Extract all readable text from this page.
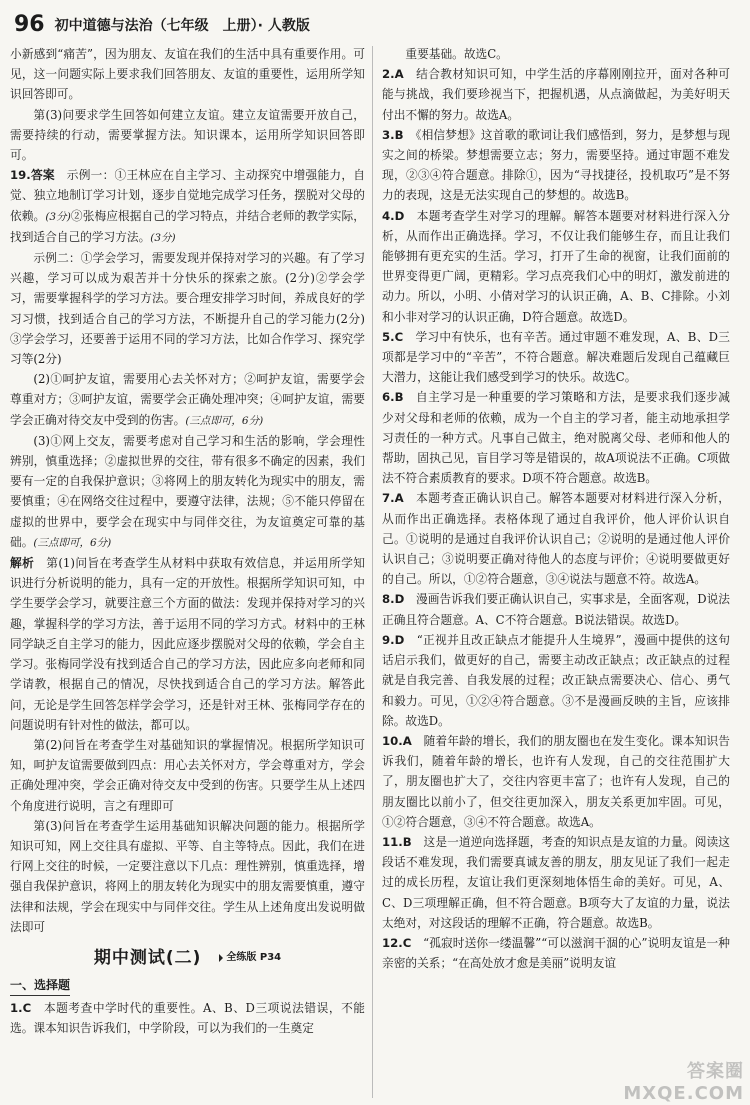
96 初中道德与法治（七年级　上册）· 人教版

小新感到“痛苦”，因为朋友、友谊在我们的生活中具有重要作用。可见，这一问题实际上要求我们回答朋友、友谊的重要性，运用所学知识回答即可。

第(3)问要求学生回答如何建立友谊。建立友谊需要开放自己，需要持续的行动，需要掌握方法。知识课本，运用所学知识回答即可。

19.答案　 示例一：①王林应在自主学习、主动探究中增强能力，自觉、独立地制订学习计划，逐步自觉地完成学习任务，摆脱对父母的依赖。(3分)②张梅应根据自己的学习特点，并结合老师的教学实际，找到适合自己的学习方法。(3分)

示例二：①学会学习，需要发现并保持对学习的兴趣。有了学习兴趣，学习可以成为艰苦并十分快乐的探索之旅。(2分)②学会学习，需要掌握科学的学习方法。要合理安排学习时间，养成良好的学习习惯，找到适合自己的学习方法，不断提升自己的学习能力(2分)③学会学习，还要善于运用不同的学习方法，比如合作学习、探究学习等(2分)

(2)①呵护友谊，需要用心去关怀对方；②呵护友谊，需要学会尊重对方；③呵护友谊，需要学会正确处理冲突；④呵护友谊，需要学会正确对待交友中受到的伤害。(三点即可，6分)

(3)①网上交友，需要考虑对自己学习和生活的影响，学会理性辨别，慎重选择；②虚拟世界的交往，带有很多不确定的因素，我们要有一定的自我保护意识；③将网上的朋友转化为现实中的朋友，需要慎重；④在网络交往过程中，要遵守法律，法规；⑤不能只停留在虚拟的世界中，要学会在现实中与同伴交往，为友谊奠定可靠的基础。(三点即可，6分)

解析　 第(1)问旨在考查学生从材料中获取有效信息，并运用所学知识进行分析说明的能力，具有一定的开放性。根据所学知识可知，中学生要学会学习，就要注意三个方面的做法：发现并保持对学习的兴趣，掌握科学的学习方法，善于运用不同的学习方式。材料中的王林同学缺乏自主学习的能力，因此应逐步摆脱对父母的依赖，学会自主学习。张梅同学没有找到适合自己的学习方法，因此应多向老师和同学请教，根据自己的情况，尽快找到适合自己的学习方法。解答此问，无论是学生回答怎样学会学习，还是针对王林、张梅同学存在的问题说明有针对性的做法，都可以。

第(2)问旨在考查学生对基础知识的掌握情况。根据所学知识可知，呵护友谊需要做到四点：用心去关怀对方，学会尊重对方，学会正确处理冲突，学会正确对待交友中受到的伤害。只要学生从上述四个角度进行说明，言之有理即可

第(3)问旨在考查学生运用基础知识解决问题的能力。根据所学知识可知，网上交往具有虚拟、平等、自主等特点。因此，我们在进行网上交往的时候，一定要注意以下几点：理性辨别，慎重选择，增强自我保护意识，将网上的朋友转化为现实中的朋友需要慎重，遵守法律和法规，学会在现实中与同伴交往。学生从上述角度出发说明做法即可

期中测试(二)	全练版 P34
一、选择题

1.C　 本题考查中学时代的重要性。A、B、D三项说法错误，不能选。课本知识告诉我们，中学阶段，可以为我们的一生奠定

重要基础。故选C。

2.A　 结合教材知识可知，中学生活的序幕刚刚拉开，面对各种可能与挑战，我们要珍视当下，把握机遇，从点滴做起，为美好明天付出不懈的努力。故选A。

3.B　 《相信梦想》这首歌的歌词让我们感悟到，努力，是梦想与现实之间的桥梁。梦想需要立志；努力，需要坚持。通过审题不难发现，②③④符合题意。排除①，因为“寻找捷径，投机取巧”是不努力的表现，这是无法实现自己的梦想的。故选B。

4.D　 本题考查学生对学习的理解。解答本题要对材料进行深入分析，从而作出正确选择。学习，不仅让我们能够生存，而且让我们能够拥有更充实的生活。学习，打开了生命的视窗，让我们面前的世界变得更广阔，更精彩。学习点亮我们心中的明灯，激发前进的动力。所以，小明、小倩对学习的认识正确，A、B、C排除。小刘和小非对学习的认识正确，D符合题意。故选D。

5.C　 学习中有快乐，也有辛苦。通过审题不难发现，A、B、D三项都是学习中的“辛苦”，不符合题意。解决难题后发现自己蕴藏巨大潜力，这能让我们感受到学习的快乐。故选C。

6.B　 自主学习是一种重要的学习策略和方法，是要求我们逐步减少对父母和老师的依赖，成为一个自主的学习者，能主动地承担学习责任的一种方式。凡事自己做主，绝对脱离父母、老师和他人的帮助，固执己见，盲目学习等是错误的，故A项说法不正确。C项做法不符合素质教育的要求。D项不符合题意。故选B。

7.A　 本题考查正确认识自己。解答本题要对材料进行深入分析，从而作出正确选择。表格体现了通过自我评价，他人评价认识自己。①说明的是通过自我评价认识自己；②说明的是通过他人评价认识自己；③说明要正确对待他人的态度与评价；④说明要做更好的自己。所以，①②符合题意，③④说法与题意不符。故选A。

8.D　 漫画告诉我们要正确认识自己，实事求是，全面客观，D说法正确且符合题意。A、C不符合题意。B说法错误。故选D。

9.D　 “正视并且改正缺点才能提升人生境界”，漫画中提供的这句话启示我们，做更好的自己，需要主动改正缺点；改正缺点的过程就是自我完善、自我发展的过程；改正缺点需要决心、信心、勇气和毅力。可见，①②④符合题意。③不是漫画反映的主旨，应该排除。故选D。

10.A　 随着年龄的增长，我们的朋友圈也在发生变化。课本知识告诉我们，随着年龄的增长，也许有人发现，自己的交往范围扩大了，朋友圈也扩大了，交往内容更丰富了；也许有人发现，自己的朋友圈比以前小了，但交往更加深入，朋友关系更加牢固。可见，①②符合题意，③④不符合题意。故选A。

11.B　 这是一道逆向选择题，考查的知识点是友谊的力量。阅读这段话不难发现，我们需要真诚友善的朋友，朋友见证了我们一起走过的成长历程，友谊让我们更深刻地体悟生命的美好。可见，A、C、D三项理解正确，但不符合题意。B项夸大了友谊的力量，说法太绝对，对这段话的理解不正确，符合题意。故选B。

12.C　 “孤寂时送你一缕温馨”“可以滋润干涸的心”说明友谊是一种亲密的关系；“在高处放才愈是美丽”说明友谊

答案圈 MXQE.COM
